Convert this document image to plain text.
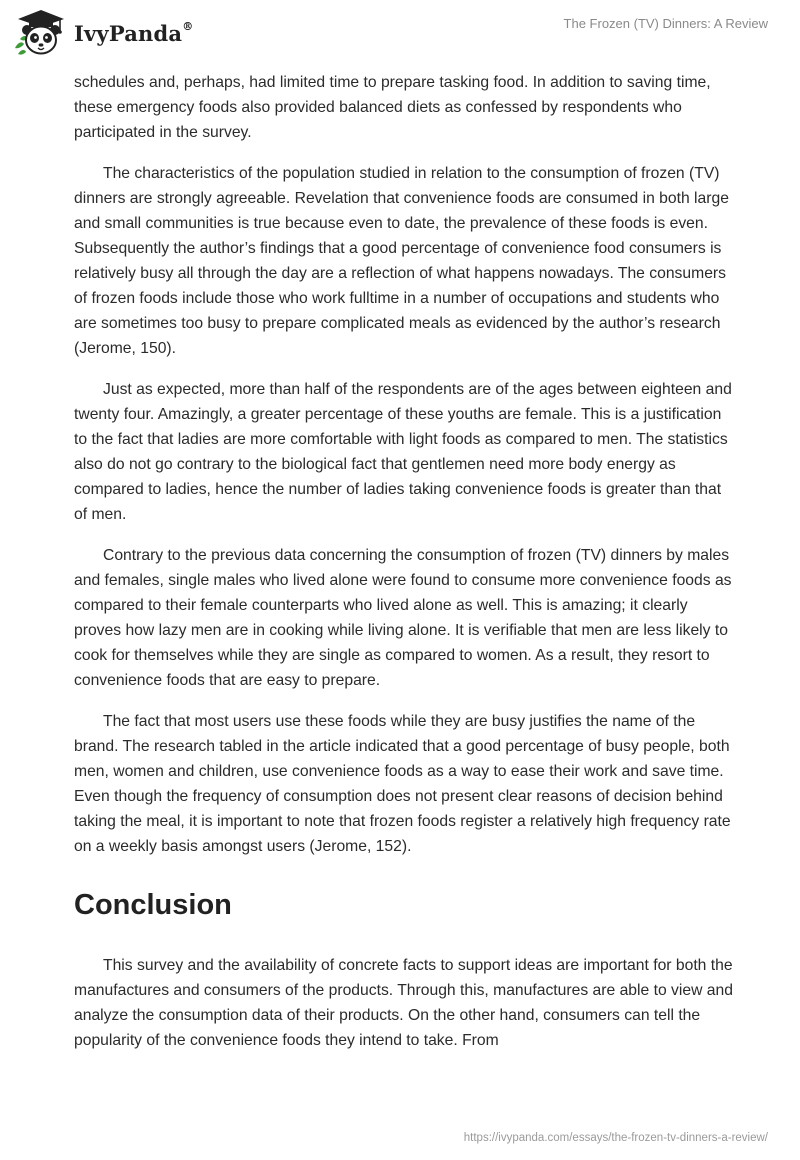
IvyPanda®	The Frozen (TV) Dinners: A Review

schedules and, perhaps, had limited time to prepare tasking food. In addition to saving time, these emergency foods also provided balanced diets as confessed by respondents who participated in the survey.

The characteristics of the population studied in relation to the consumption of frozen (TV) dinners are strongly agreeable. Revelation that convenience foods are consumed in both large and small communities is true because even to date, the prevalence of these foods is even. Subsequently the author’s findings that a good percentage of convenience food consumers is relatively busy all through the day are a reflection of what happens nowadays. The consumers of frozen foods include those who work fulltime in a number of occupations and students who are sometimes too busy to prepare complicated meals as evidenced by the author’s research (Jerome, 150).

Just as expected, more than half of the respondents are of the ages between eighteen and twenty four. Amazingly, a greater percentage of these youths are female. This is a justification to the fact that ladies are more comfortable with light foods as compared to men. The statistics also do not go contrary to the biological fact that gentlemen need more body energy as compared to ladies, hence the number of ladies taking convenience foods is greater than that of men.

Contrary to the previous data concerning the consumption of frozen (TV) dinners by males and females, single males who lived alone were found to consume more convenience foods as compared to their female counterparts who lived alone as well. This is amazing; it clearly proves how lazy men are in cooking while living alone. It is verifiable that men are less likely to cook for themselves while they are single as compared to women. As a result, they resort to convenience foods that are easy to prepare.

The fact that most users use these foods while they are busy justifies the name of the brand. The research tabled in the article indicated that a good percentage of busy people, both men, women and children, use convenience foods as a way to ease their work and save time. Even though the frequency of consumption does not present clear reasons of decision behind taking the meal, it is important to note that frozen foods register a relatively high frequency rate on a weekly basis amongst users (Jerome, 152).

Conclusion

This survey and the availability of concrete facts to support ideas are important for both the manufactures and consumers of the products. Through this, manufactures are able to view and analyze the consumption data of their products. On the other hand, consumers can tell the popularity of the convenience foods they intend to take. From

https://ivypanda.com/essays/the-frozen-tv-dinners-a-review/
